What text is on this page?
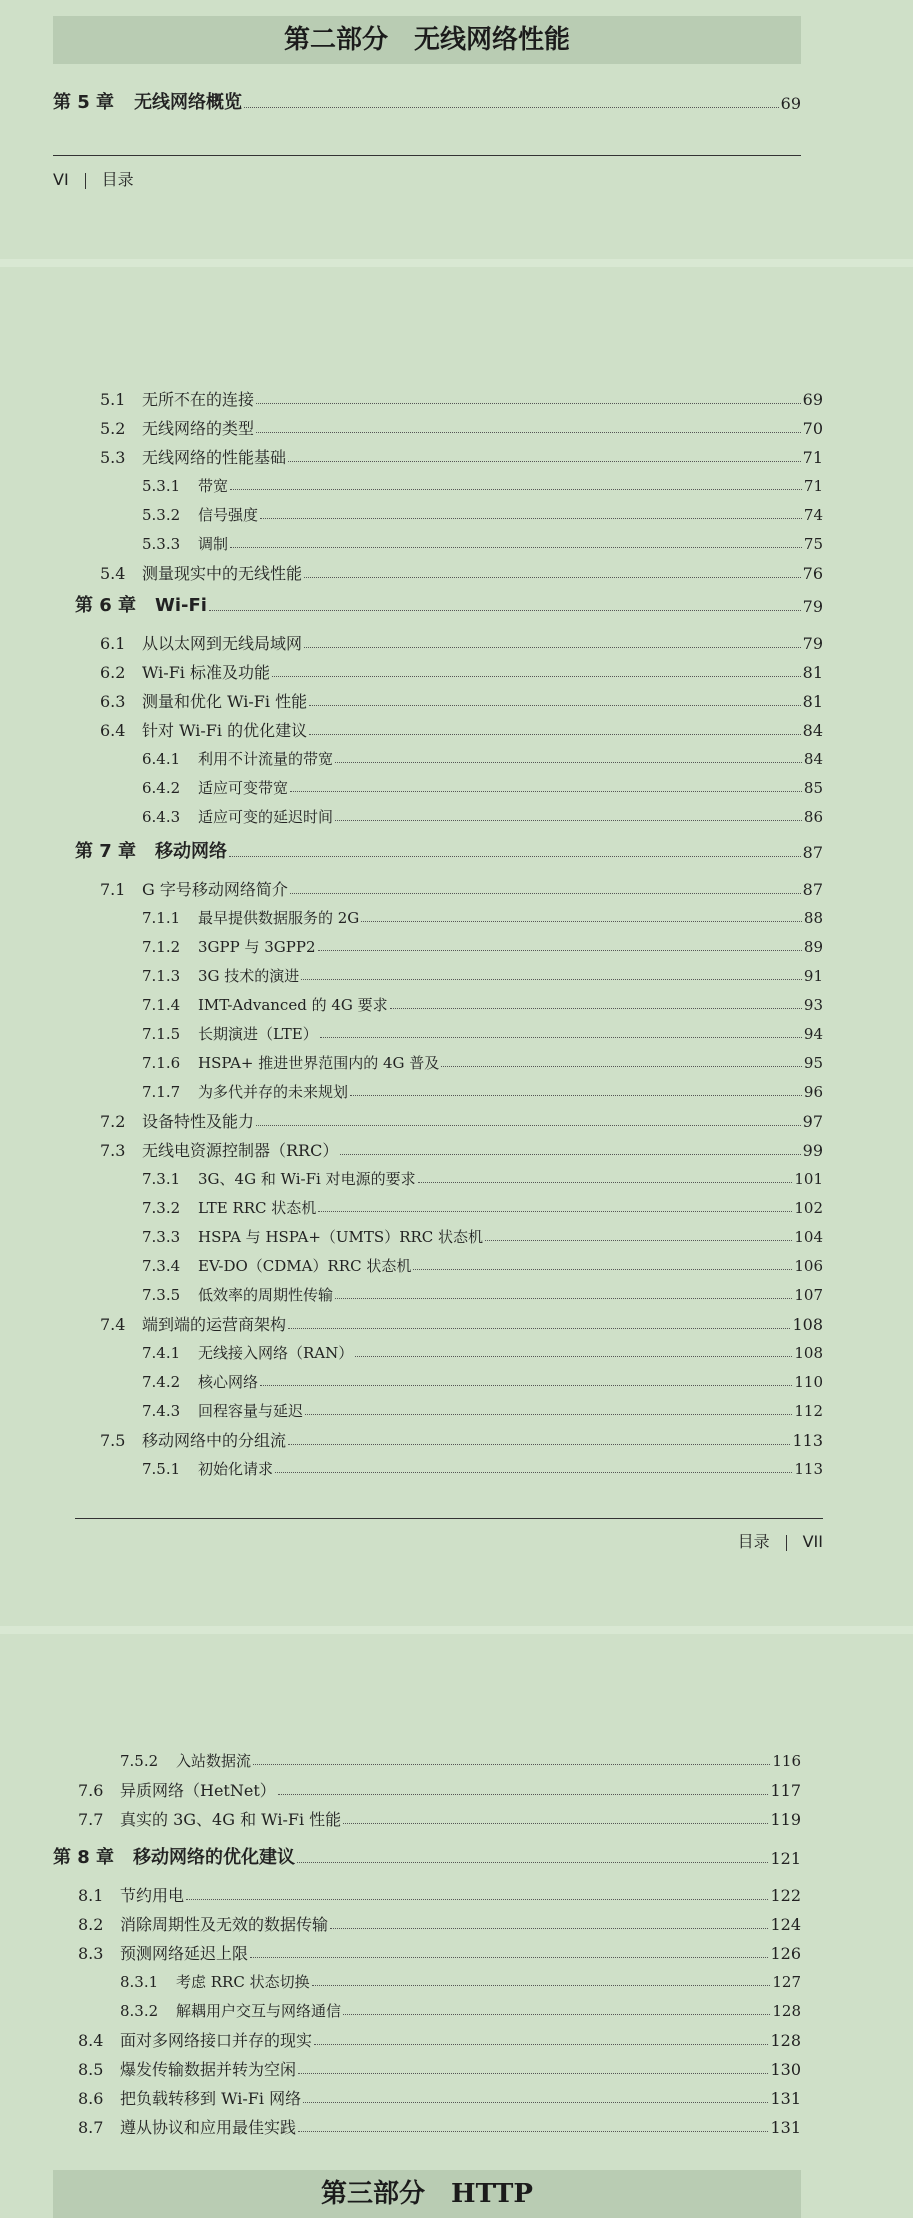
第二部分　无线网络性能
第 5 章 无线网络概览	69
VI 目录
5.1	无所不在的连接	69
5.2	无线网络的类型	70
5.3	无线网络的性能基础	71
5.3.1	带宽	71
5.3.2	信号强度	74
5.3.3	调制	75
5.4	测量现实中的无线性能	76
第 6 章	Wi-Fi	79
6.1	从以太网到无线局域网	79
6.2	Wi-Fi 标准及功能	81
6.3	测量和优化 Wi-Fi 性能	81
6.4	针对 Wi-Fi 的优化建议	84
6.4.1	利用不计流量的带宽	84
6.4.2	适应可变带宽	85
6.4.3	适应可变的延迟时间	86
第 7 章	移动网络	87
7.1	G 字号移动网络简介	87
7.1.1	最早提供数据服务的 2G	88
7.1.2	3GPP 与 3GPP2	89
7.1.3	3G 技术的演进	91
7.1.4	IMT-Advanced 的 4G 要求	93
7.1.5	长期演进（LTE）	94
7.1.6	HSPA+ 推进世界范围内的 4G 普及	95
7.1.7	为多代并存的未来规划	96
7.2	设备特性及能力	97
7.3	无线电资源控制器（RRC）	99
7.3.1	3G、4G 和 Wi-Fi 对电源的要求	101
7.3.2	LTE RRC 状态机	102
7.3.3	HSPA 与 HSPA+（UMTS）RRC 状态机	104
7.3.4	EV-DO（CDMA）RRC 状态机	106
7.3.5	低效率的周期性传输	107
7.4	端到端的运营商架构	108
7.4.1	无线接入网络（RAN）	108
7.4.2	核心网络	110
7.4.3	回程容量与延迟	112
7.5	移动网络中的分组流	113
7.5.1	初始化请求	113
目录 VII
7.5.2	入站数据流	116
7.6	异质网络（HetNet）	117
7.7	真实的 3G、4G 和 Wi-Fi 性能	119
第 8 章	移动网络的优化建议	121
8.1	节约用电	122
8.2	消除周期性及无效的数据传输	124
8.3	预测网络延迟上限	126
8.3.1	考虑 RRC 状态切换	127
8.3.2	解耦用户交互与网络通信	128
8.4	面对多网络接口并存的现实	128
8.5	爆发传输数据并转为空闲	130
8.6	把负载转移到 Wi-Fi 网络	131
8.7	遵从协议和应用最佳实践	131
第三部分　HTTP
